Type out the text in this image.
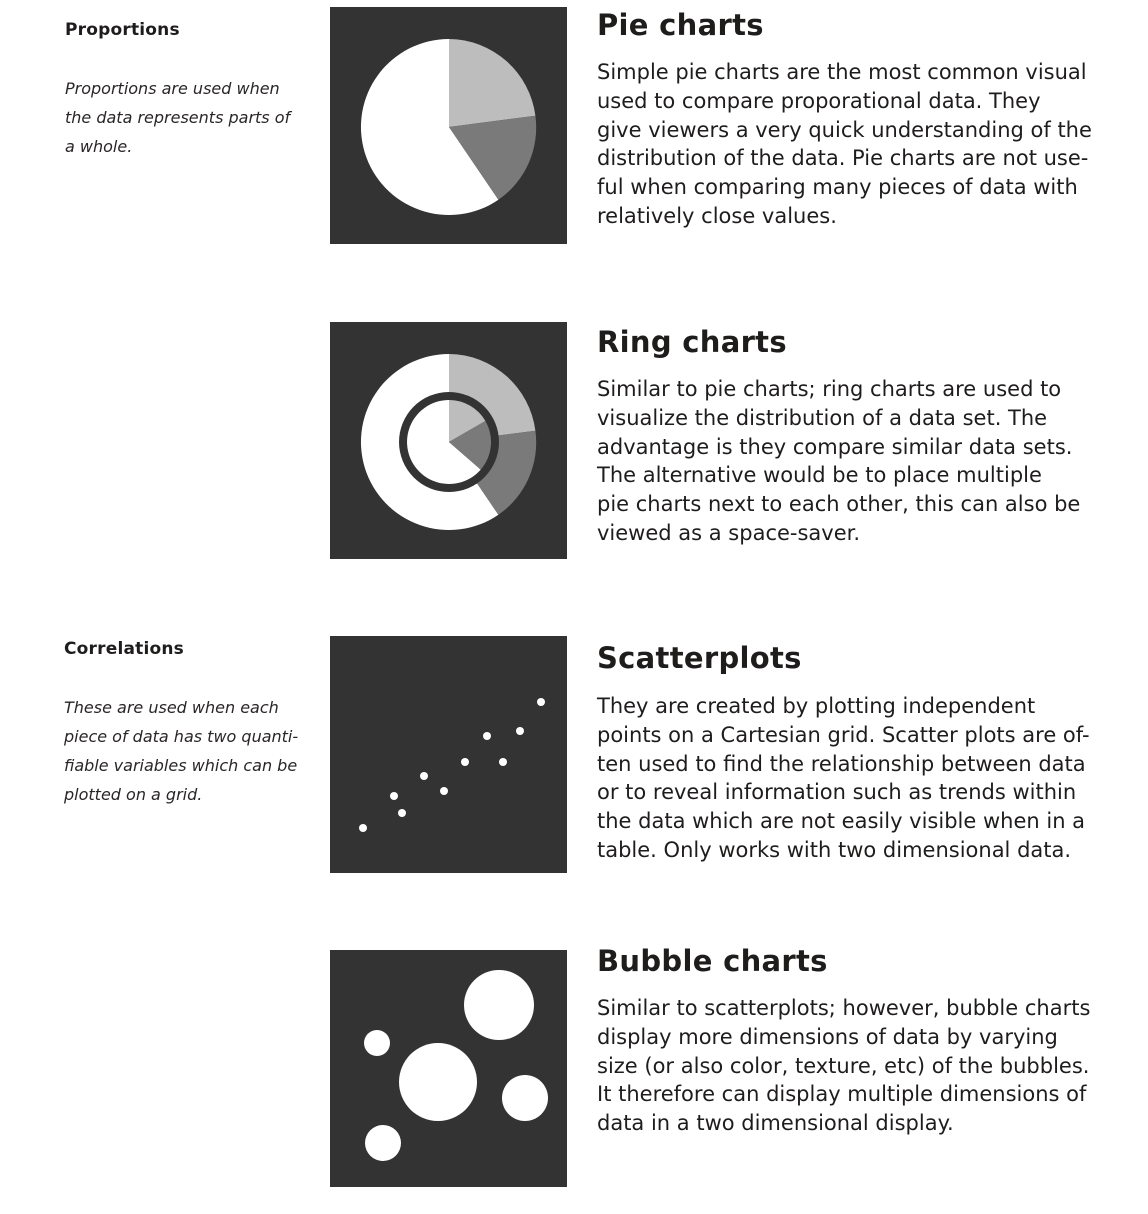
Proportions

Proportions are used when
the data represents parts of
a whole.

Correlations

These are used when each
piece of data has two quanti-
fiable variables which can be
plotted on a grid.

Pie charts

Simple pie charts are the most common visual
used to compare proporational data. They
give viewers a very quick understanding of the
distribution of the data. Pie charts are not use-
ful when comparing many pieces of data with
relatively close values.

Ring charts

Similar to pie charts; ring charts are used to
visualize the distribution of a data set. The
advantage is they compare similar data sets.
The alternative would be to place multiple
pie charts next to each other, this can also be
viewed as a space-saver.

Scatterplots

They are created by plotting independent
points on a Cartesian grid. Scatter plots are of-
ten used to find the relationship between data
or to reveal information such as trends within
the data which are not easily visible when in a
table. Only works with two dimensional data.

Bubble charts

Similar to scatterplots; however, bubble charts
display more dimensions of data by varying
size (or also color, texture, etc) of the bubbles.
It therefore can display multiple dimensions of
data in a two dimensional display.
